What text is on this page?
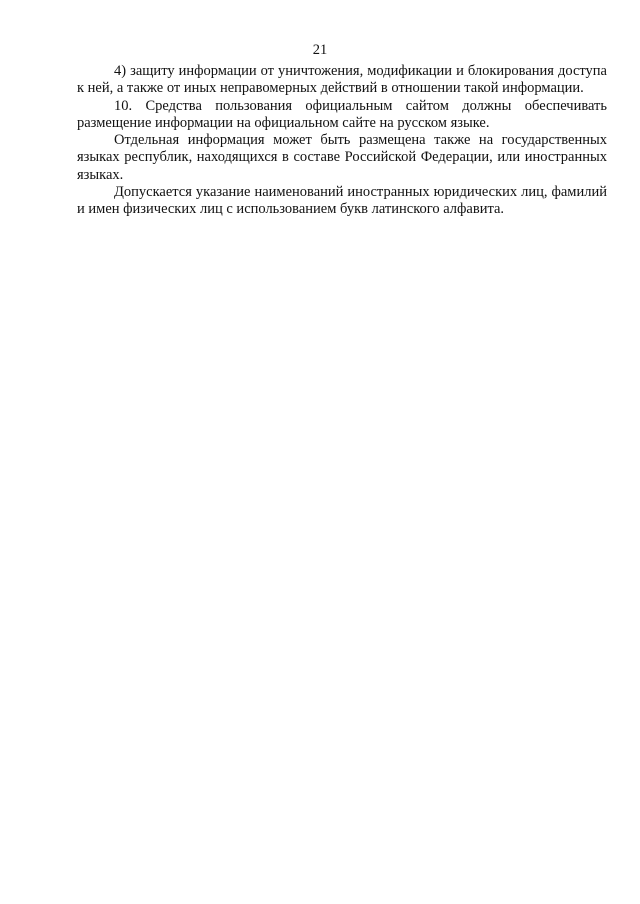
21

4) защиту информации от уничтожения, модификации и блокирования доступа к ней, а также от иных неправомерных действий в отношении такой информации.

10. Средства пользования официальным сайтом должны обеспечивать размещение информации на официальном сайте на русском языке.

Отдельная информация может быть размещена также на государственных языках республик, находящихся в составе Российской Федерации, или иностранных языках.

Допускается указание наименований иностранных юридических лиц, фамилий и имен физических лиц с использованием букв латинского алфавита.
